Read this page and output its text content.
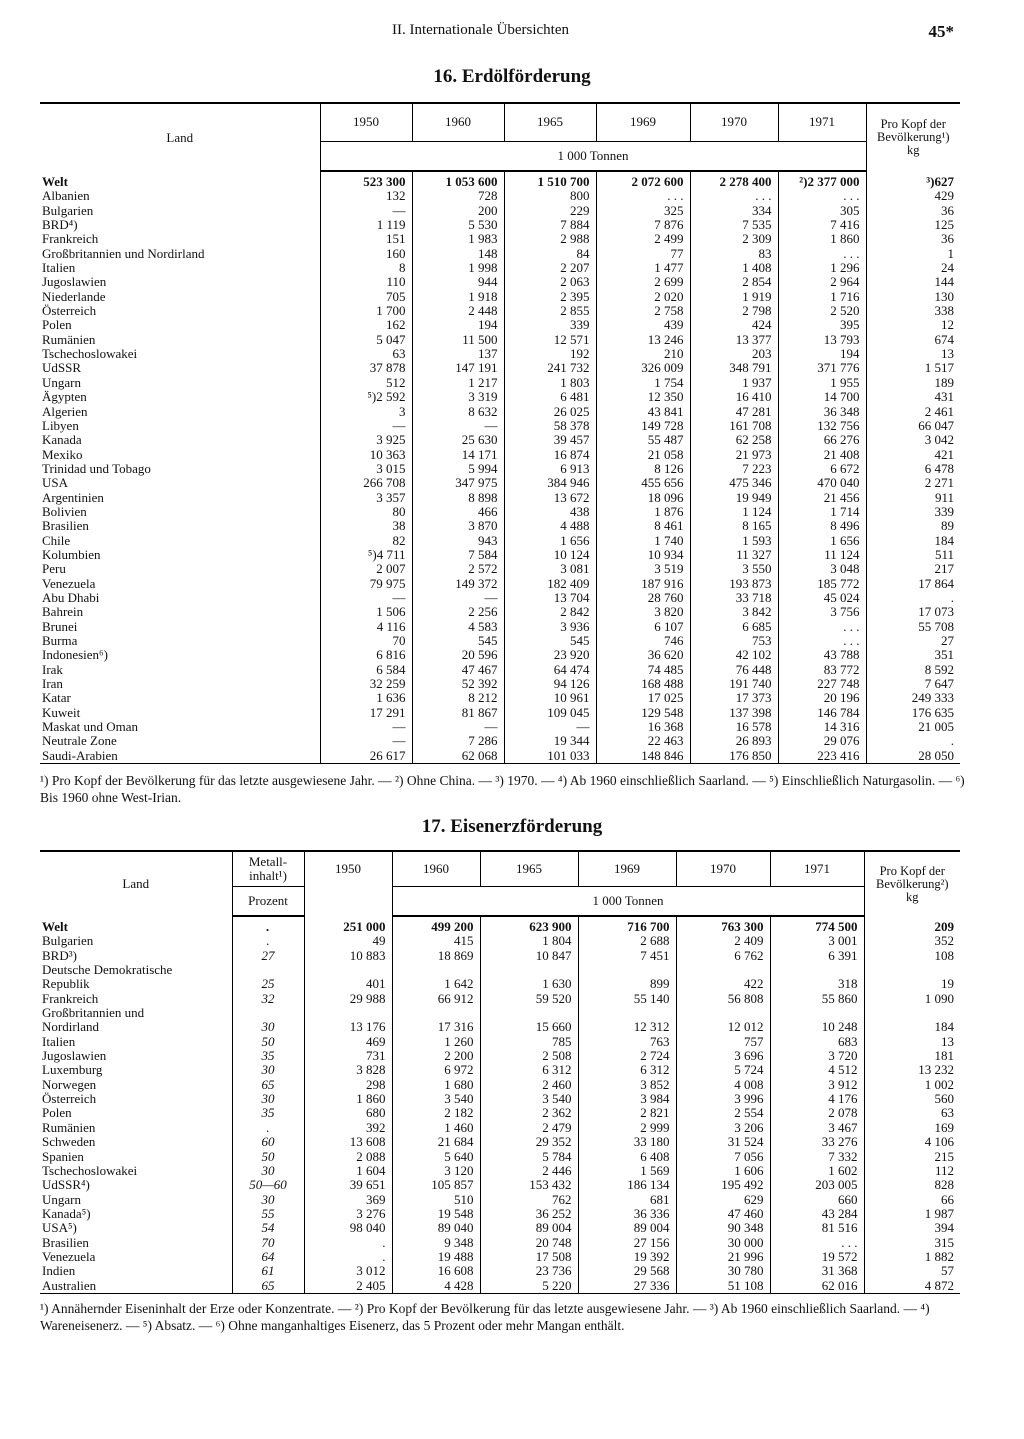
II. Internationale Übersichten	45*
16. Erdölförderung
Land	1950	1960	1965	1969	1970	1971	Pro Kopf der Bevölkerung¹) kg
	1 000 Tonnen						
Welt	523 300	1 053 600	1 510 700	2 072 600	2 278 400	²)2 377 000	³)627
Albanien	132	728	800	. . .	. . .	. . .	429
Bulgarien	—	200	229	325	334	305	36
BRD⁴)	1 119	5 530	7 884	7 876	7 535	7 416	125
Frankreich	151	1 983	2 988	2 499	2 309	1 860	36
Großbritannien und Nordirland	160	148	84	77	83	. . .	1
Italien	8	1 998	2 207	1 477	1 408	1 296	24
Jugoslawien	110	944	2 063	2 699	2 854	2 964	144
Niederlande	705	1 918	2 395	2 020	1 919	1 716	130
Österreich	1 700	2 448	2 855	2 758	2 798	2 520	338
Polen	162	194	339	439	424	395	12
Rumänien	5 047	11 500	12 571	13 246	13 377	13 793	674
Tschechoslowakei	63	137	192	210	203	194	13
UdSSR	37 878	147 191	241 732	326 009	348 791	371 776	1 517
Ungarn	512	1 217	1 803	1 754	1 937	1 955	189
Ägypten	⁵)2 592	3 319	6 481	12 350	16 410	14 700	431
Algerien	3	8 632	26 025	43 841	47 281	36 348	2 461
Libyen	—	—	58 378	149 728	161 708	132 756	66 047
Kanada	3 925	25 630	39 457	55 487	62 258	66 276	3 042
Mexiko	10 363	14 171	16 874	21 058	21 973	21 408	421
Trinidad und Tobago	3 015	5 994	6 913	8 126	7 223	6 672	6 478
USA	266 708	347 975	384 946	455 656	475 346	470 040	2 271
Argentinien	3 357	8 898	13 672	18 096	19 949	21 456	911
Bolivien	80	466	438	1 876	1 124	1 714	339
Brasilien	38	3 870	4 488	8 461	8 165	8 496	89
Chile	82	943	1 656	1 740	1 593	1 656	184
Kolumbien	⁵)4 711	7 584	10 124	10 934	11 327	11 124	511
Peru	2 007	2 572	3 081	3 519	3 550	3 048	217
Venezuela	79 975	149 372	182 409	187 916	193 873	185 772	17 864
Abu Dhabi	—	—	13 704	28 760	33 718	45 024	.
Bahrein	1 506	2 256	2 842	3 820	3 842	3 756	17 073
Brunei	4 116	4 583	3 936	6 107	6 685	. . .	55 708
Burma	70	545	545	746	753	. . .	27
Indonesien⁶)	6 816	20 596	23 920	36 620	42 102	43 788	351
Irak	6 584	47 467	64 474	74 485	76 448	83 772	8 592
Iran	32 259	52 392	94 126	168 488	191 740	227 748	7 647
Katar	1 636	8 212	10 961	17 025	17 373	20 196	249 333
Kuweit	17 291	81 867	109 045	129 548	137 398	146 784	176 635
Maskat und Oman	—	—	—	16 368	16 578	14 316	21 005
Neutrale Zone	—	7 286	19 344	22 463	26 893	29 076	.
Saudi-Arabien	26 617	62 068	101 033	148 846	176 850	223 416	28 050
¹) Pro Kopf der Bevölkerung für das letzte ausgewiesene Jahr. — ²) Ohne China. — ³) 1970. — ⁴) Ab 1960 einschließlich Saarland. — ⁵) Einschließlich Naturgasolin. — ⁶) Bis 1960 ohne West-Irian.
17. Eisenerzförderung
Land	Metall-inhalt¹)	1950	1960	1965	1969	1970	1971	Pro Kopf der Bevölkerung²) kg
	Prozent		1 000 Tonnen					
Welt	.	251 000	499 200	623 900	716 700	763 300	774 500	209
Bulgarien	.	49	415	1 804	2 688	2 409	3 001	352
BRD³)	27	10 883	18 869	10 847	7 451	6 762	6 391	108
Deutsche Demokratische								
Republik	25	401	1 642	1 630	899	422	318	19
Frankreich	32	29 988	66 912	59 520	55 140	56 808	55 860	1 090
Großbritannien und								
Nordirland	30	13 176	17 316	15 660	12 312	12 012	10 248	184
Italien	50	469	1 260	785	763	757	683	13
Jugoslawien	35	731	2 200	2 508	2 724	3 696	3 720	181
Luxemburg	30	3 828	6 972	6 312	6 312	5 724	4 512	13 232
Norwegen	65	298	1 680	2 460	3 852	4 008	3 912	1 002
Österreich	30	1 860	3 540	3 540	3 984	3 996	4 176	560
Polen	35	680	2 182	2 362	2 821	2 554	2 078	63
Rumänien	.	392	1 460	2 479	2 999	3 206	3 467	169
Schweden	60	13 608	21 684	29 352	33 180	31 524	33 276	4 106
Spanien	50	2 088	5 640	5 784	6 408	7 056	7 332	215
Tschechoslowakei	30	1 604	3 120	2 446	1 569	1 606	1 602	112
UdSSR⁴)	50—60	39 651	105 857	153 432	186 134	195 492	203 005	828
Ungarn	30	369	510	762	681	629	660	66
Kanada⁵)	55	3 276	19 548	36 252	36 336	47 460	43 284	1 987
USA⁵)	54	98 040	89 040	89 004	89 004	90 348	81 516	394
Brasilien	70	.	9 348	20 748	27 156	30 000	. . .	315
Venezuela	64	.	19 488	17 508	19 392	21 996	19 572	1 882
Indien	61	3 012	16 608	23 736	29 568	30 780	31 368	57
Australien	65	2 405	4 428	5 220	27 336	51 108	62 016	4 872
¹) Annähernder Eiseninhalt der Erze oder Konzentrate. — ²) Pro Kopf der Bevölkerung für das letzte ausgewiesene Jahr. — ³) Ab 1960 einschließlich Saarland. — ⁴) Wareneisenerz. — ⁵) Absatz. — ⁶) Ohne manganhaltiges Eisenerz, das 5 Prozent oder mehr Mangan enthält.
